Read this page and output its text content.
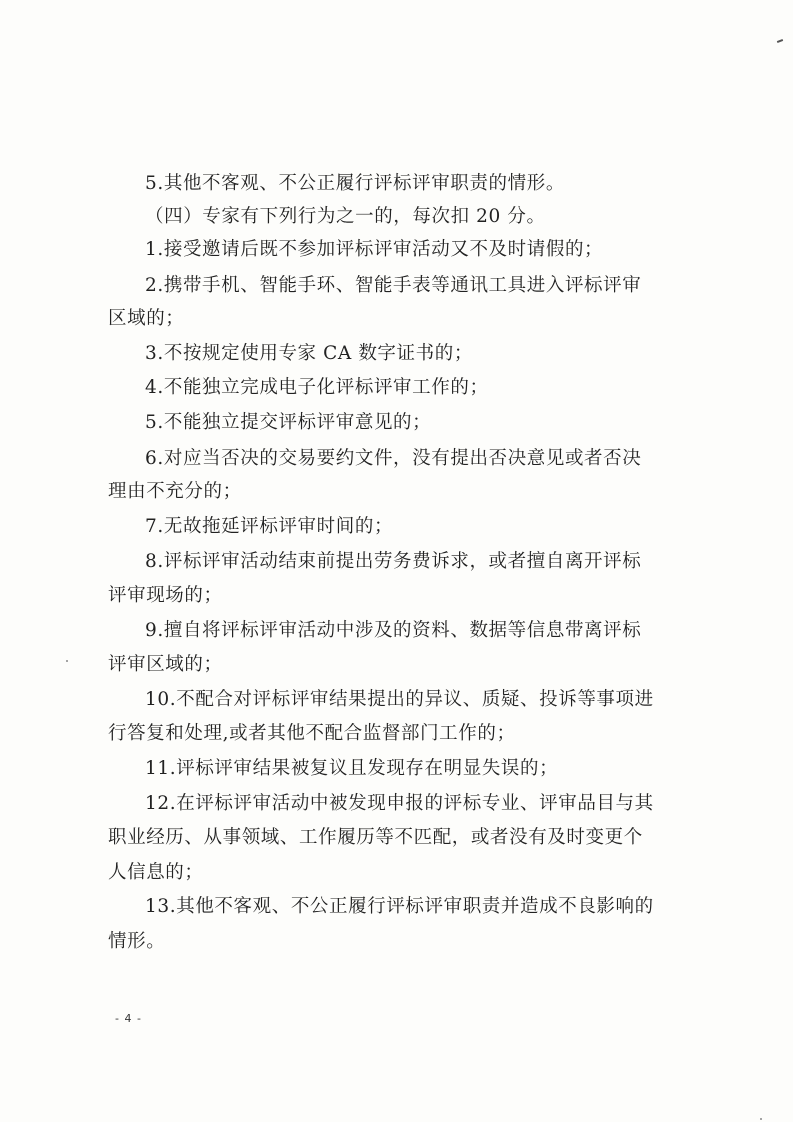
5.其他不客观、不公正履行评标评审职责的情形。
（四）专家有下列行为之一的，每次扣 20 分。
1.接受邀请后既不参加评标评审活动又不及时请假的；
2.携带手机、智能手环、智能手表等通讯工具进入评标评审
区域的；
3.不按规定使用专家 CA 数字证书的；
4.不能独立完成电子化评标评审工作的；
5.不能独立提交评标评审意见的；
6.对应当否决的交易要约文件，没有提出否决意见或者否决
理由不充分的；
7.无故拖延评标评审时间的；
8.评标评审活动结束前提出劳务费诉求，或者擅自离开评标
评审现场的；
9.擅自将评标评审活动中涉及的资料、数据等信息带离评标
评审区域的；
10.不配合对评标评审结果提出的异议、质疑、投诉等事项进
行答复和处理,或者其他不配合监督部门工作的；
11.评标评审结果被复议且发现存在明显失误的；
12.在评标评审活动中被发现申报的评标专业、评审品目与其
职业经历、从事领域、工作履历等不匹配，或者没有及时变更个
人信息的；
13.其他不客观、不公正履行评标评审职责并造成不良影响的
情形。
- 4 -
